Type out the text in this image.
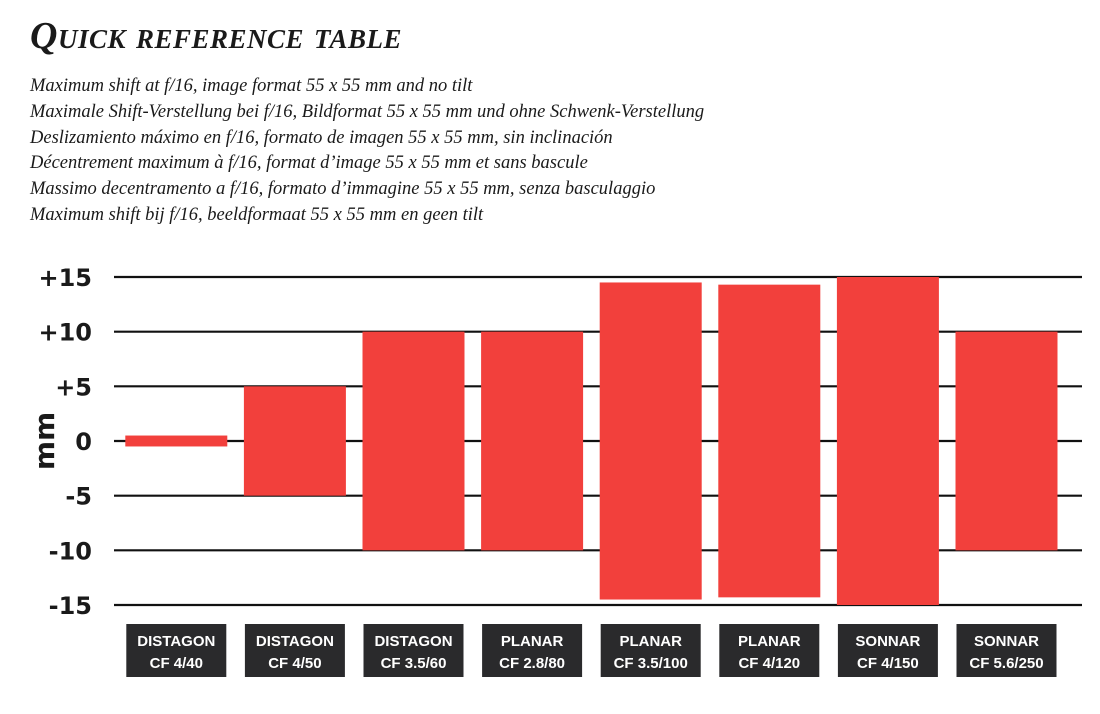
Quick reference table
Maximum shift at f/16, image format 55 x 55 mm and no tilt
Maximale Shift-Verstellung bei f/16, Bildformat 55 x 55 mm und ohne Schwenk-Verstellung
Deslizamiento máximo en f/16, formato de imagen 55 x 55 mm, sin inclinación
Décentrement maximum à f/16, format d’image 55 x 55 mm et sans bascule
Massimo decentramento a f/16, formato d’immagine 55 x 55 mm, senza basculaggio
Maximum shift bij f/16, beeldformaat 55 x 55 mm en geen tilt
+15
+10
+5
0
-5
-10
-15
mm
DISTAGON
CF 4/40
DISTAGON
CF 4/50
DISTAGON
CF 3.5/60
PLANAR
CF 2.8/80
PLANAR
CF 3.5/100
PLANAR
CF 4/120
SONNAR
CF 4/150
SONNAR
CF 5.6/250
